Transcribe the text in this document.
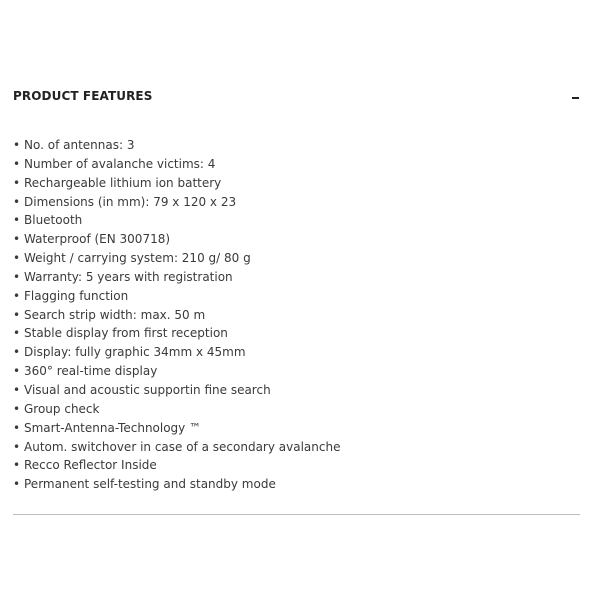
PRODUCT FEATURES
• No. of antennas: 3
• Number of avalanche victims: 4
• Rechargeable lithium ion battery
• Dimensions (in mm): 79 x 120 x 23
• Bluetooth
• Waterproof (EN 300718)
• Weight / carrying system: 210 g/ 80 g
• Warranty: 5 years with registration
• Flagging function
• Search strip width: max. 50 m
• Stable display from first reception
• Display: fully graphic 34mm x 45mm
• 360° real-time display
• Visual and acoustic supportin fine search
• Group check
• Smart-Antenna-Technology ™
• Autom. switchover in case of a secondary avalanche
• Recco Reflector Inside
• Permanent self-testing and standby mode
